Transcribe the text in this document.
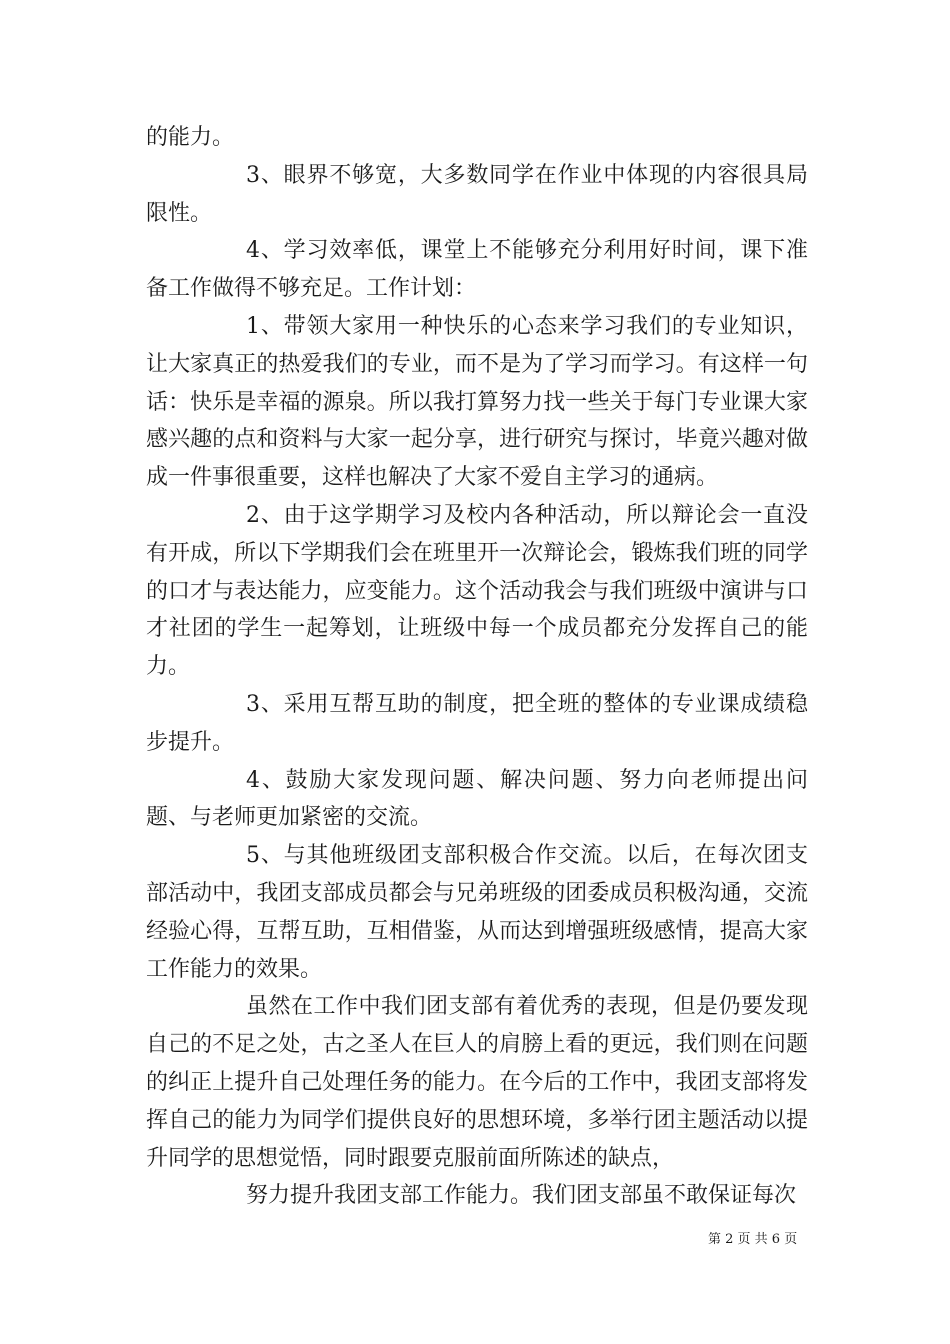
的能力。

3、眼界不够宽，大多数同学在作业中体现的内容很具局限性。

4、学习效率低，课堂上不能够充分利用好时间，课下准备工作做得不够充足。工作计划：

1、带领大家用一种快乐的心态来学习我们的专业知识，让大家真正的热爱我们的专业，而不是为了学习而学习。有这样一句话：快乐是幸福的源泉。所以我打算努力找一些关于每门专业课大家感兴趣的点和资料与大家一起分享，进行研究与探讨，毕竟兴趣对做成一件事很重要，这样也解决了大家不爱自主学习的通病。

2、由于这学期学习及校内各种活动，所以辩论会一直没有开成，所以下学期我们会在班里开一次辩论会，锻炼我们班的同学的口才与表达能力，应变能力。这个活动我会与我们班级中演讲与口才社团的学生一起筹划，让班级中每一个成员都充分发挥自己的能力。

3、采用互帮互助的制度，把全班的整体的专业课成绩稳步提升。

4、鼓励大家发现问题、解决问题、努力向老师提出问题、与老师更加紧密的交流。

5、与其他班级团支部积极合作交流。以后，在每次团支部活动中，我团支部成员都会与兄弟班级的团委成员积极沟通，交流经验心得，互帮互助，互相借鉴，从而达到增强班级感情，提高大家工作能力的效果。

虽然在工作中我们团支部有着优秀的表现，但是仍要发现自己的不足之处，古之圣人在巨人的肩膀上看的更远，我们则在问题的纠正上提升自己处理任务的能力。在今后的工作中，我团支部将发挥自己的能力为同学们提供良好的思想环境，多举行团主题活动以提升同学的思想觉悟，同时跟要克服前面所陈述的缺点，

努力提升我团支部工作能力。我们团支部虽不敢保证每次

第 2 页 共 6 页
